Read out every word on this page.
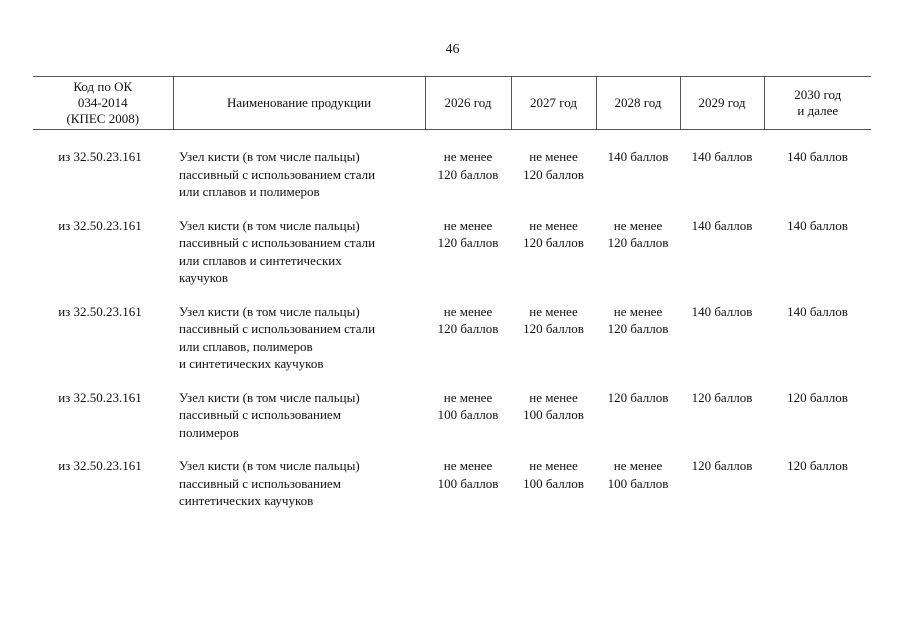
46
Код по ОК
034-2014
(КПЕС 2008)	Наименование продукции	2026 год	2027 год	2028 год	2029 год	2030 год
и далее

из 32.50.23.161	Узел кисти (в том числе пальцы)
пассивный с использованием стали
или сплавов и полимеров	не менее
120 баллов	не менее
120 баллов	140 баллов	140 баллов	140 баллов

из 32.50.23.161	Узел кисти (в том числе пальцы)
пассивный с использованием стали
или сплавов и синтетических
каучуков	не менее
120 баллов	не менее
120 баллов	не менее
120 баллов	140 баллов	140 баллов

из 32.50.23.161	Узел кисти (в том числе пальцы)
пассивный с использованием стали
или сплавов, полимеров
и синтетических каучуков	не менее
120 баллов	не менее
120 баллов	не менее
120 баллов	140 баллов	140 баллов

из 32.50.23.161	Узел кисти (в том числе пальцы)
пассивный с использованием
полимеров	не менее
100 баллов	не менее
100 баллов	120 баллов	120 баллов	120 баллов

из 32.50.23.161	Узел кисти (в том числе пальцы)
пассивный с использованием
синтетических каучуков	не менее
100 баллов	не менее
100 баллов	не менее
100 баллов	120 баллов	120 баллов
